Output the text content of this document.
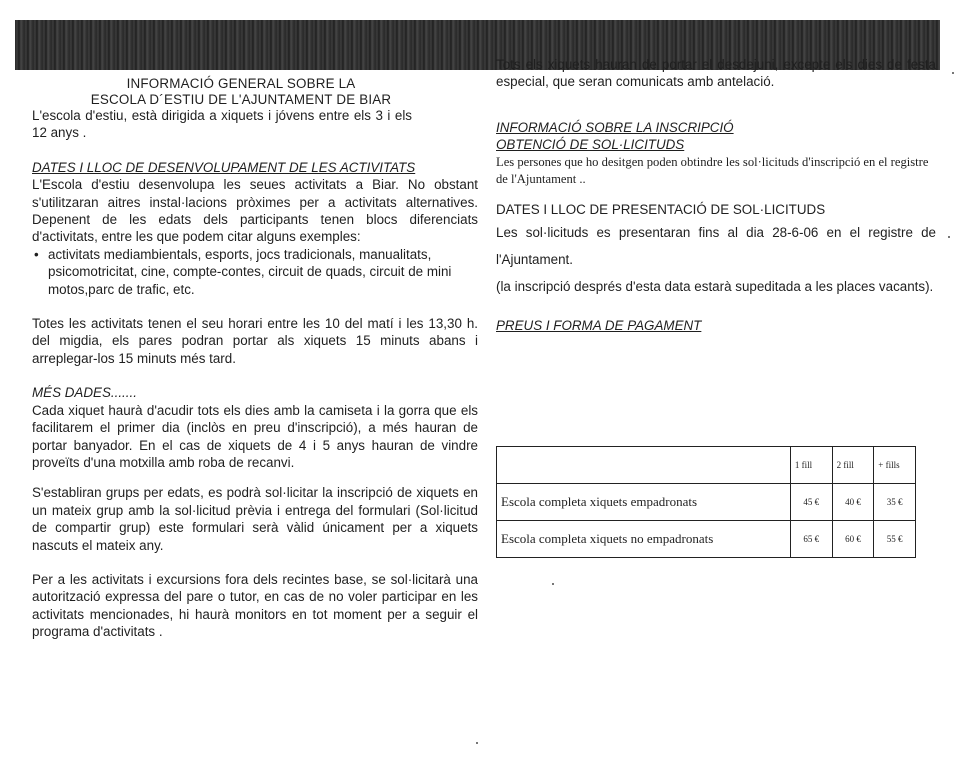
INFORMACIÓ GENERAL SOBRE LA
ESCOLA D´ESTIU DE L'AJUNTAMENT DE BIAR

L'escola d'estiu, està dirigida a xiquets i jóvens entre els 3 i els 12 anys .

DATES I LLOC DE DESENVOLUPAMENT DE LES ACTIVITATS

L'Escola d'estiu desenvolupa les seues activitats a Biar. No obstant s'utilitzaran aitres instal·lacions pròximes per a activitats alternatives. Depenent de les edats dels participants tenen blocs diferenciats d'activitats, entre les que podem citar alguns exemples:

• activitats mediambientals, esports, jocs tradicionals, manualitats, psicomotricitat, cine, compte-contes, circuit de quads, circuit de mini motos,parc de trafic, etc.

Totes les activitats tenen el seu horari entre les 10 del matí i les 13,30 h. del migdia, els pares podran portar als xiquets 15 minuts abans i arreplegar-los 15 minuts més tard.

MÉS DADES.......

Cada xiquet haurà d'acudir tots els dies amb la camiseta i la gorra que els facilitarem el primer dia (inclòs en preu d'inscripció), a més hauran de portar banyador. En el cas de xiquets de 4 i 5 anys hauran de vindre proveïts d'una motxilla amb roba de recanvi.

S'establiran grups per edats, es podrà sol·licitar la inscripció de xiquets en un mateix grup amb la sol·licitud prèvia i entrega del formulari (Sol·licitud de compartir grup) este formulari serà vàlid únicament per a xiquets nascuts el mateix any.

Per a les activitats i excursions fora dels recintes base, se sol·licitarà una autorització expressa del pare o tutor, en cas de no voler participar en les activitats mencionades, hi haurà monitors en tot moment per a seguir el programa d'activitats .

Tots els xiquets hauran de portar el desdejuni, excepte els dies de festa especial, que seran comunicats amb antelació.

INFORMACIÓ SOBRE LA INSCRIPCIÓ

OBTENCIÓ DE SOL·LICITUDS

Les persones que ho desitgen poden obtindre les sol·licituds d'inscripció en el registre de l'Ajuntament ..

DATES I LLOC DE PRESENTACIÓ DE SOL·LICITUDS

Les sol·licituds es presentaran fins al dia 28-6-06 en el registre de l'Ajuntament.

(la inscripció després d'esta data estarà supeditada a les places vacants).

PREUS I FORMA DE PAGAMENT

	1 fill	2 fill	+ fills
Escola completa xiquets empadronats	45 €	40 €	35 €
Escola completa xiquets no empadronats	65 €	60 €	55 €
